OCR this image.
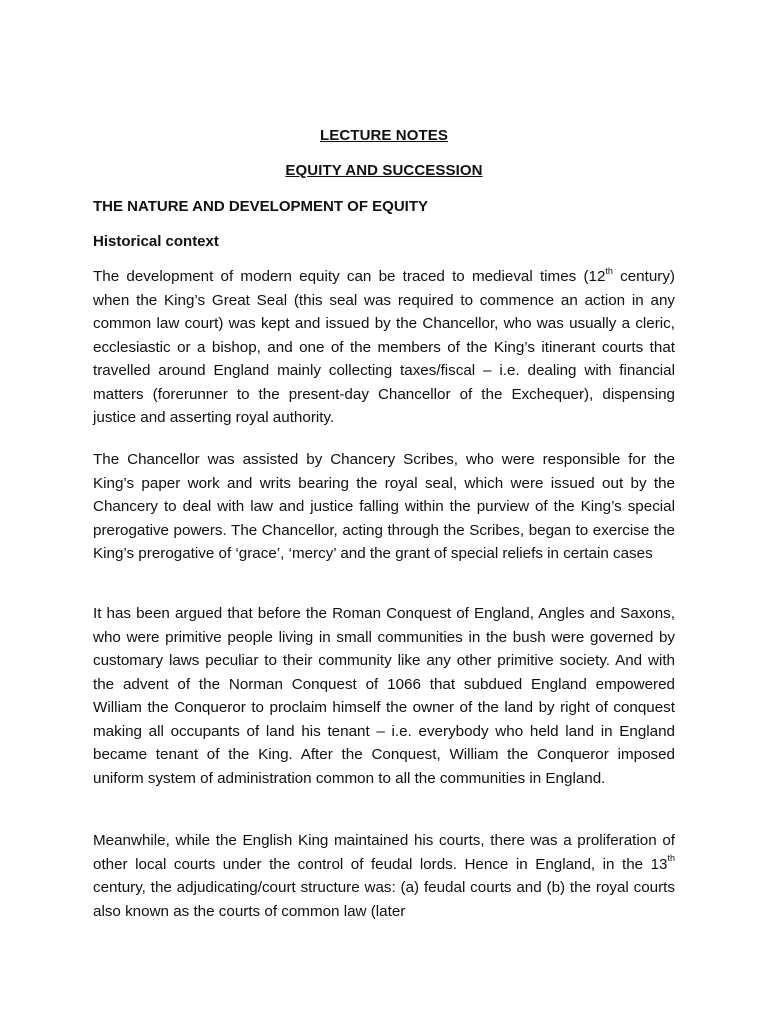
LECTURE NOTES
EQUITY AND SUCCESSION
THE NATURE AND DEVELOPMENT OF EQUITY
Historical context

The development of modern equity can be traced to medieval times (12th century) when the King’s Great Seal (this seal was required to commence an action in any common law court) was kept and issued by the Chancellor, who was usually a cleric, ecclesiastic or a bishop, and one of the members of the King’s itinerant courts that travelled around England mainly collecting taxes/fiscal – i.e. dealing with financial matters (forerunner to the present-day Chancellor of the Exchequer), dispensing justice and asserting royal authority.

The Chancellor was assisted by Chancery Scribes, who were responsible for the King’s paper work and writs bearing the royal seal, which were issued out by the Chancery to deal with law and justice falling within the purview of the King’s special prerogative powers. The Chancellor, acting through the Scribes, began to exercise the King’s prerogative of ‘grace’, ‘mercy’ and the grant of special reliefs in certain cases

It has been argued that before the Roman Conquest of England, Angles and Saxons, who were primitive people living in small communities in the bush were governed by customary laws peculiar to their community like any other primitive society. And with the advent of the Norman Conquest of 1066 that subdued England empowered William the Conqueror to proclaim himself the owner of the land by right of conquest making all occupants of land his tenant – i.e. everybody who held land in England became tenant of the King. After the Conquest, William the Conqueror imposed uniform system of administration common to all the communities in England.

Meanwhile, while the English King maintained his courts, there was a proliferation of other local courts under the control of feudal lords. Hence in England, in the 13th century, the adjudicating/court structure was: (a) feudal courts and (b) the royal courts also known as the courts of common law (later
